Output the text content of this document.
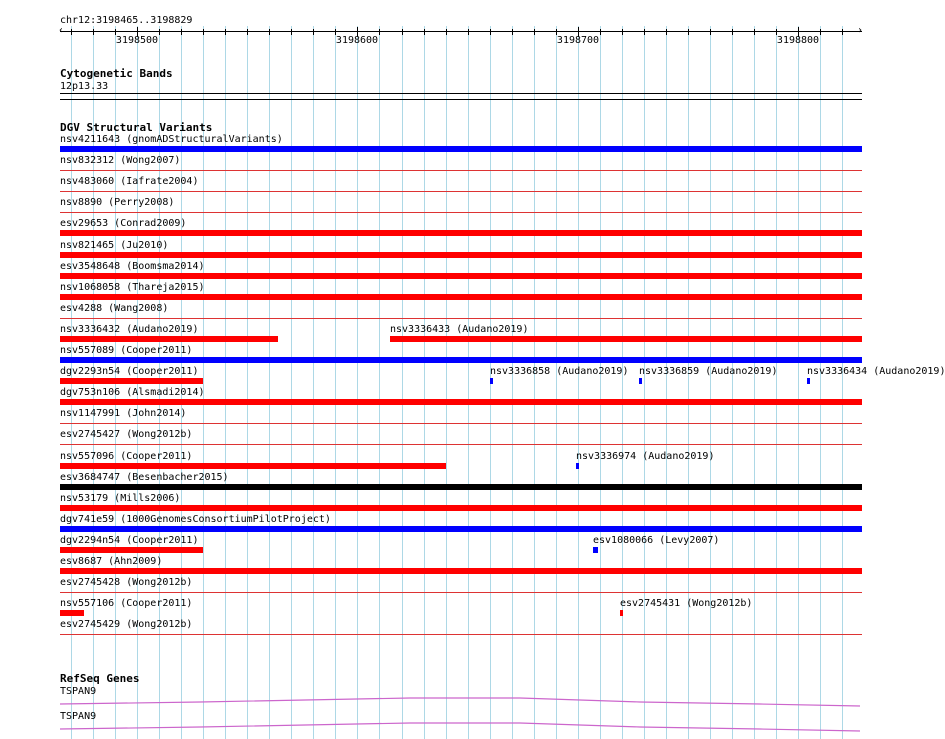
chr12:3198465..3198829
‹	›
3198500	3198600	3198700	3198800
Cytogenetic Bands
12p13.33
DGV Structural Variants
nsv4211643 (gnomADStructuralVariants)
nsv832312 (Wong2007)
nsv483060 (Iafrate2004)
nsv8890 (Perry2008)
esv29653 (Conrad2009)
nsv821465 (Ju2010)
esv3548648 (Boomsma2014)
nsv1068058 (Thareja2015)
esv4288 (Wang2008)
nsv3336432 (Audano2019)	nsv3336433 (Audano2019)
nsv557089 (Cooper2011)
dgv2293n54 (Cooper2011)	nsv3336858 (Audano2019) nsv3336859 (Audano2019)	nsv3336434 (Audano2019)
dgv753n106 (Alsmadi2014)
nsv1147991 (John2014)
esv2745427 (Wong2012b)
nsv557096 (Cooper2011)	nsv3336974 (Audano2019)
esv3684747 (Besenbacher2015)
nsv53179 (Mills2006)
dgv741e59 (1000GenomesConsortiumPilotProject)
dgv2294n54 (Cooper2011)	esv1080066 (Levy2007)
esv8687 (Ahn2009)
esv2745428 (Wong2012b)
nsv557106 (Cooper2011)	esv2745431 (Wong2012b)
esv2745429 (Wong2012b)
RefSeq Genes
TSPAN9
TSPAN9
